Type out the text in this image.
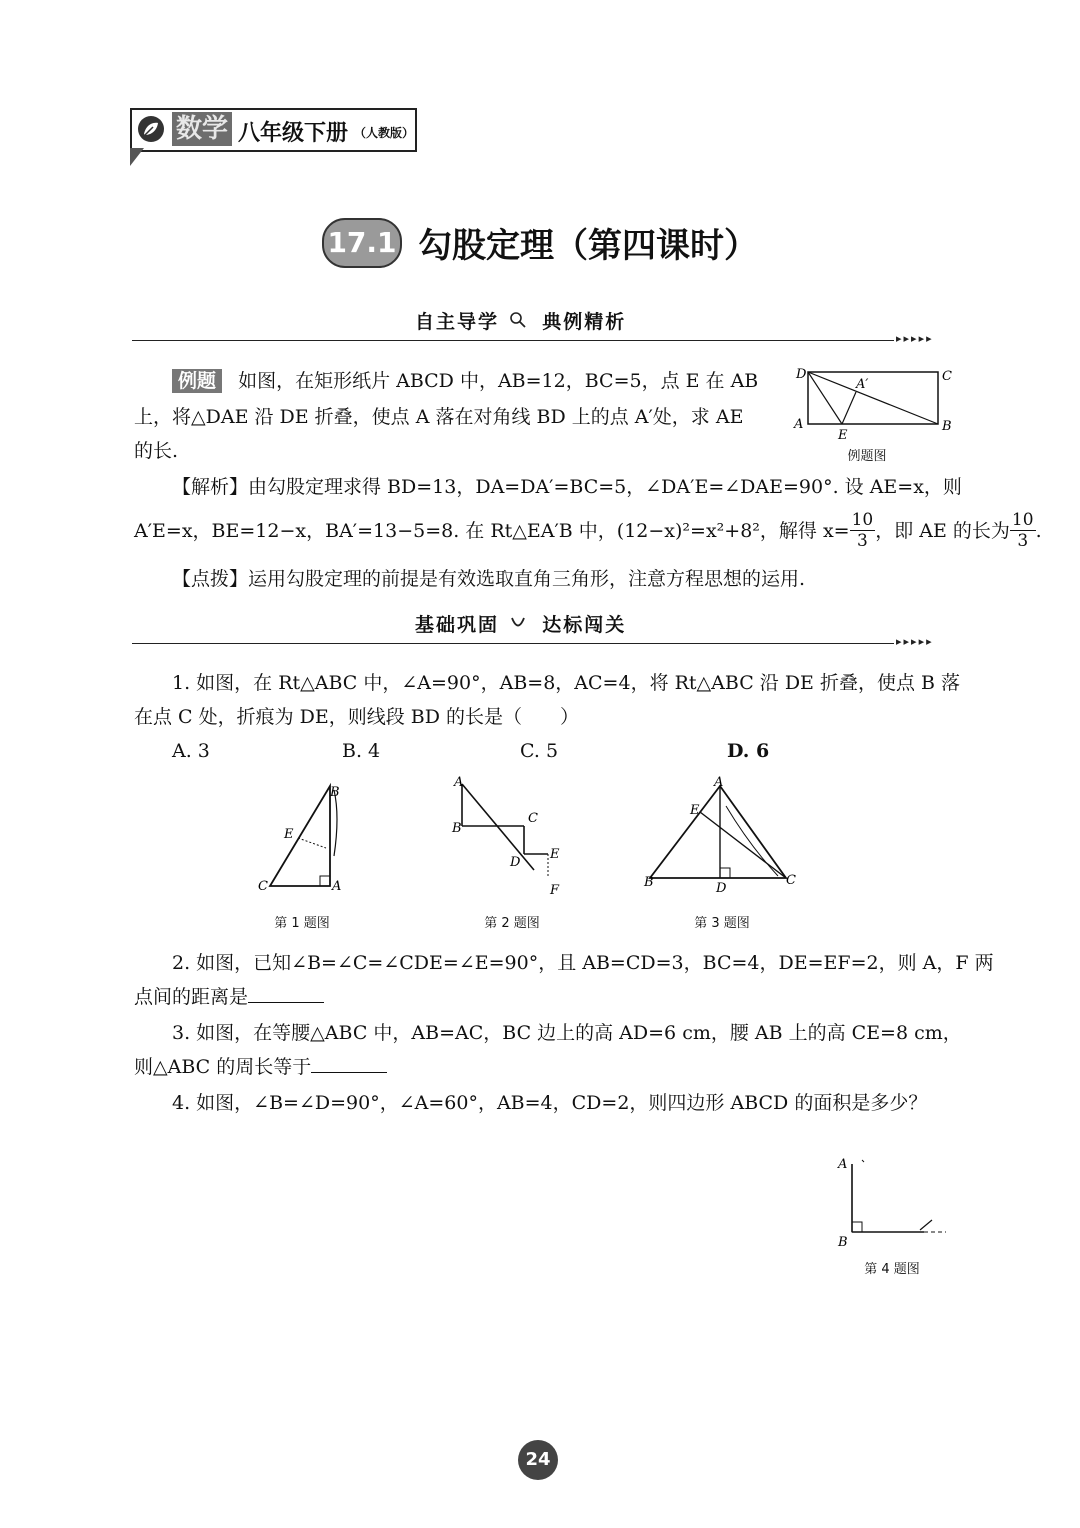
数学 八年级下册 （人教版）
17.1 勾股定理（第四课时）
自主导学 典例精析
▸▸▸▸▸
例题 如图，在矩形纸片 ABCD 中，AB=12，BC=5，点 E 在 AB
上，将△DAE 沿 DE 折叠，使点 A 落在对角线 BD 上的点 A′处，求 AE
的长.
D	C
A	B
E
A′
例题图
【解析】由勾股定理求得 BD=13，DA=DA′=BC=5，∠DA′E=∠DAE=90°. 设 AE=x，则
A′E=x，BE=12−x，BA′=13−5=8. 在 Rt△EA′B 中，(12−x)²=x²+8²，解得 $x= \frac{10}{3}$ ，即 AE 的长为 $\frac{10}{3}$ .
【点拨】运用勾股定理的前提是有效选取直角三角形，注意方程思想的运用.
基础巩固 达标闯关
▸▸▸▸▸
1. 如图，在 Rt△ABC 中，∠A=90°，AB=8，AC=4，将 Rt△ABC 沿 DE 折叠，使点 B 落
在点 C 处，折痕为 DE，则线段 BD 的长是（　　）
A. 3	B. 4	C. 5	D. 6
C	A
B
E
第 1 题图
A
B
C
D
E
F
第 2 题图
A
B	C
D
E
第 3 题图
2. 如图，已知∠B=∠C=∠CDE=∠E=90°，且 AB=CD=3，BC=4，DE=EF=2，则 A，F 两
点间的距离是
3. 如图，在等腰△ABC 中，AB=AC，BC 边上的高 AD=6 cm，腰 AB 上的高 CE=8 cm，
则△ABC 的周长等于
4. 如图，∠B=∠D=90°，∠A=60°，AB=4，CD=2，则四边形 ABCD 的面积是多少？
A
B
第 4 题图
24
